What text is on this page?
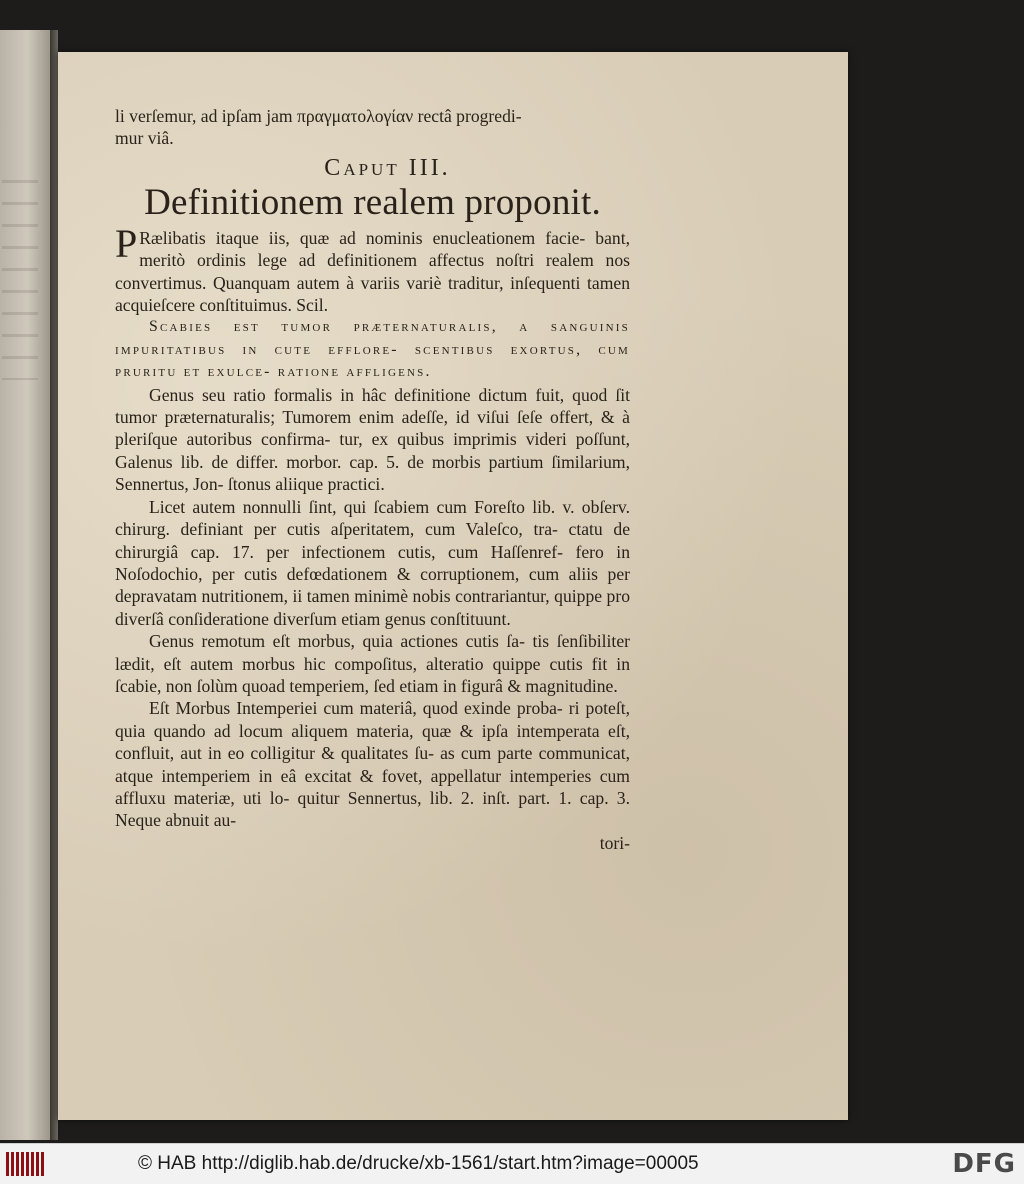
li verſemur, ad ipſam jam πραγματολογίαν rectâ progredi-

mur viâ.

Caput III.
Definitionem realem proponit.

P Rælibatis itaque iis, quæ ad nominis enucleationem facie- bant, meritò ordinis lege ad definitionem affectus noſtri realem nos convertimus. Quanquam autem à variis variè traditur, inſequenti tamen acquieſcere conſtituimus. Scil.

Scabies est tumor præternaturalis, a sanguinis impuritatibus in cute efflore- scentibus exortus, cum pruritu et exulce- ratione affligens.

Genus seu ratio formalis in hâc definitione dictum fuit, quod ſit tumor præternaturalis; Tumorem enim adeſſe, id viſui ſeſe offert, & à pleriſque autoribus confirma- tur, ex quibus imprimis videri poſſunt, Galenus lib. de differ. morbor. cap. 5. de morbis partium ſimilarium, Sennertus, Jon- ſtonus aliique practici.

Licet autem nonnulli ſint, qui ſcabiem cum Foreſto lib. v. obſerv. chirurg. definiant per cutis aſperitatem, cum Valeſco, tra- ctatu de chirurgiâ cap. 17. per infectionem cutis, cum Haſſenref- fero in Noſodochio, per cutis defœdationem & corruptionem, cum aliis per depravatam nutritionem, ii tamen minimè nobis contrariantur, quippe pro diverſâ conſideratione diverſum etiam genus conſtituunt.

Genus remotum eſt morbus, quia actiones cutis ſa- tis ſenſibiliter lædit, eſt autem morbus hic compoſitus, alteratio quippe cutis fit in ſcabie, non ſolùm quoad temperiem, ſed etiam in figurâ & magnitudine.

Eſt Morbus Intemperiei cum materiâ, quod exinde proba- ri poteſt, quia quando ad locum aliquem materia, quæ & ipſa intemperata eſt, confluit, aut in eo colligitur & qualitates ſu- as cum parte communicat, atque intemperiem in eâ excitat & fovet, appellatur intemperies cum affluxu materiæ, uti lo- quitur Sennertus, lib. 2. inſt. part. 1. cap. 3. Neque abnuit au-

tori-

© HAB http://diglib.hab.de/drucke/xb-1561/start.htm?image=00005	DFG
